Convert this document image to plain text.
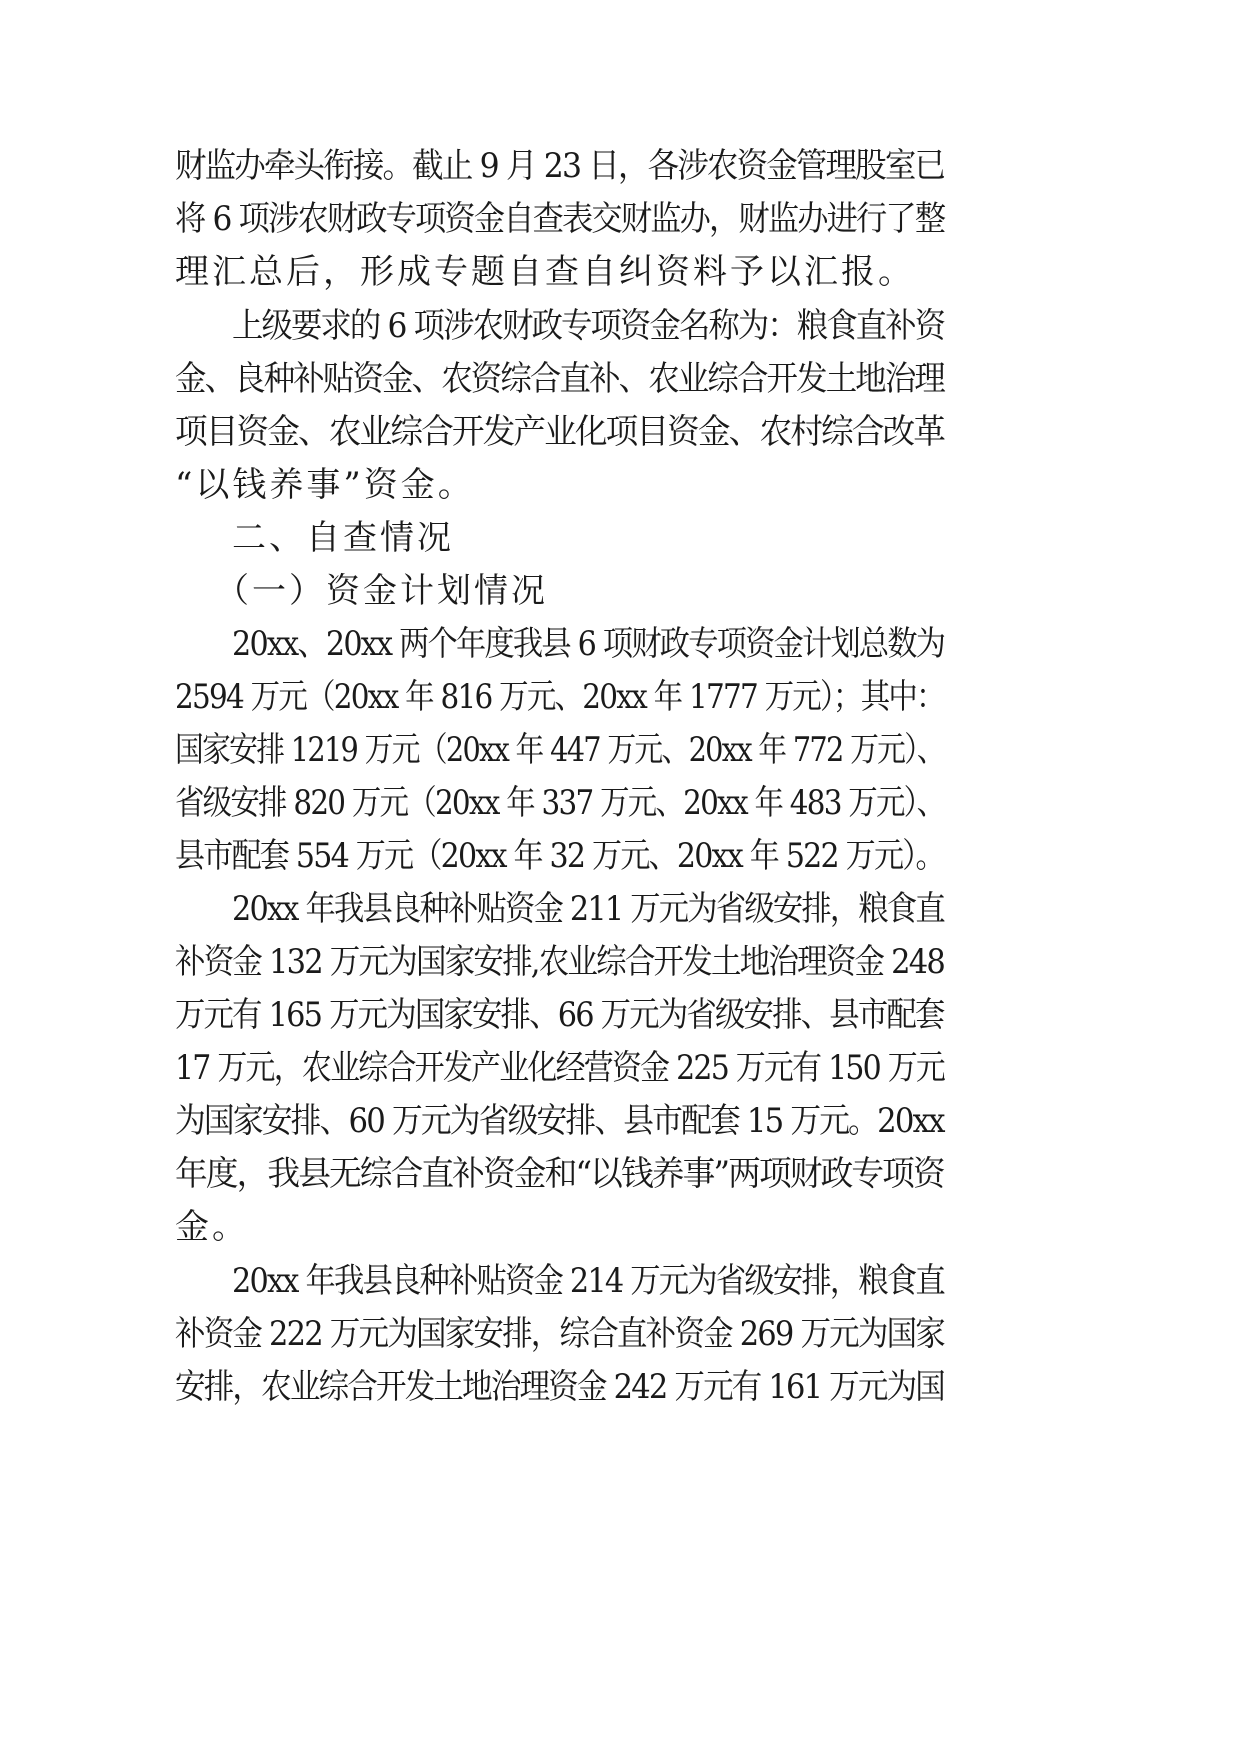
财监办牵头衔接。截止 9 月 23 日，各涉农资金管理股室已

将 6 项涉农财政专项资金自查表交财监办，财监办进行了整

理汇总后，形成专题自查自纠资料予以汇报。

上级要求的 6 项涉农财政专项资金名称为：粮食直补资

金、良种补贴资金、农资综合直补、农业综合开发土地治理

项目资金、农业综合开发产业化项目资金、农村综合改革

“以钱养事”资金。

二、自查情况

（一）资金计划情况

20xx、20xx 两个年度我县 6 项财政专项资金计划总数为

2594 万元（20xx 年 816 万元、20xx 年 1777 万元）；其中：

国家安排 1219 万元（20xx 年 447 万元、20xx 年 772 万元）、

省级安排 820 万元（20xx 年 337 万元、20xx 年 483 万元）、

县市配套 554 万元（20xx 年 32 万元、20xx 年 522 万元）。

20xx 年我县良种补贴资金 211 万元为省级安排，粮食直

补资金 132 万元为国家安排,农业综合开发土地治理资金 248

万元有 165 万元为国家安排、66 万元为省级安排、县市配套

17 万元，农业综合开发产业化经营资金 225 万元有 150 万元

为国家安排、60 万元为省级安排、县市配套 15 万元。20xx

年度，我县无综合直补资金和“以钱养事”两项财政专项资

金。

20xx 年我县良种补贴资金 214 万元为省级安排，粮食直

补资金 222 万元为国家安排，综合直补资金 269 万元为国家

安排，农业综合开发土地治理资金 242 万元有 161 万元为国
